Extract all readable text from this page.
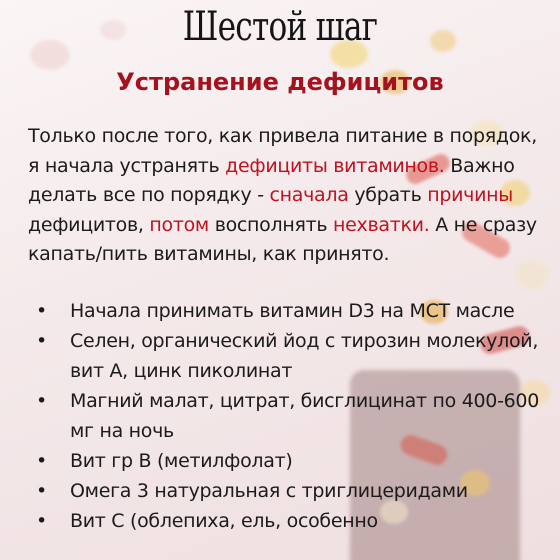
Шестой шаг
Устранение дефицитов
Только после того, как привела питание в порядок, я начала устранять дефициты витаминов. Важно делать все по порядку - сначала убрать причины дефицитов, потом восполнять нехватки. А не сразу капать/пить витамины, как принято.
• Начала принимать витамин D3 на МСТ масле
• Селен, органический йод с тирозин молекулой, вит А, цинк пиколинат
• Магний малат, цитрат, бисглицинат по 400-600 мг на ночь
• Вит гр В (метилфолат)
• Омега 3 натуральная с триглицеридами
• Вит С (облепиха, ель, особенно
